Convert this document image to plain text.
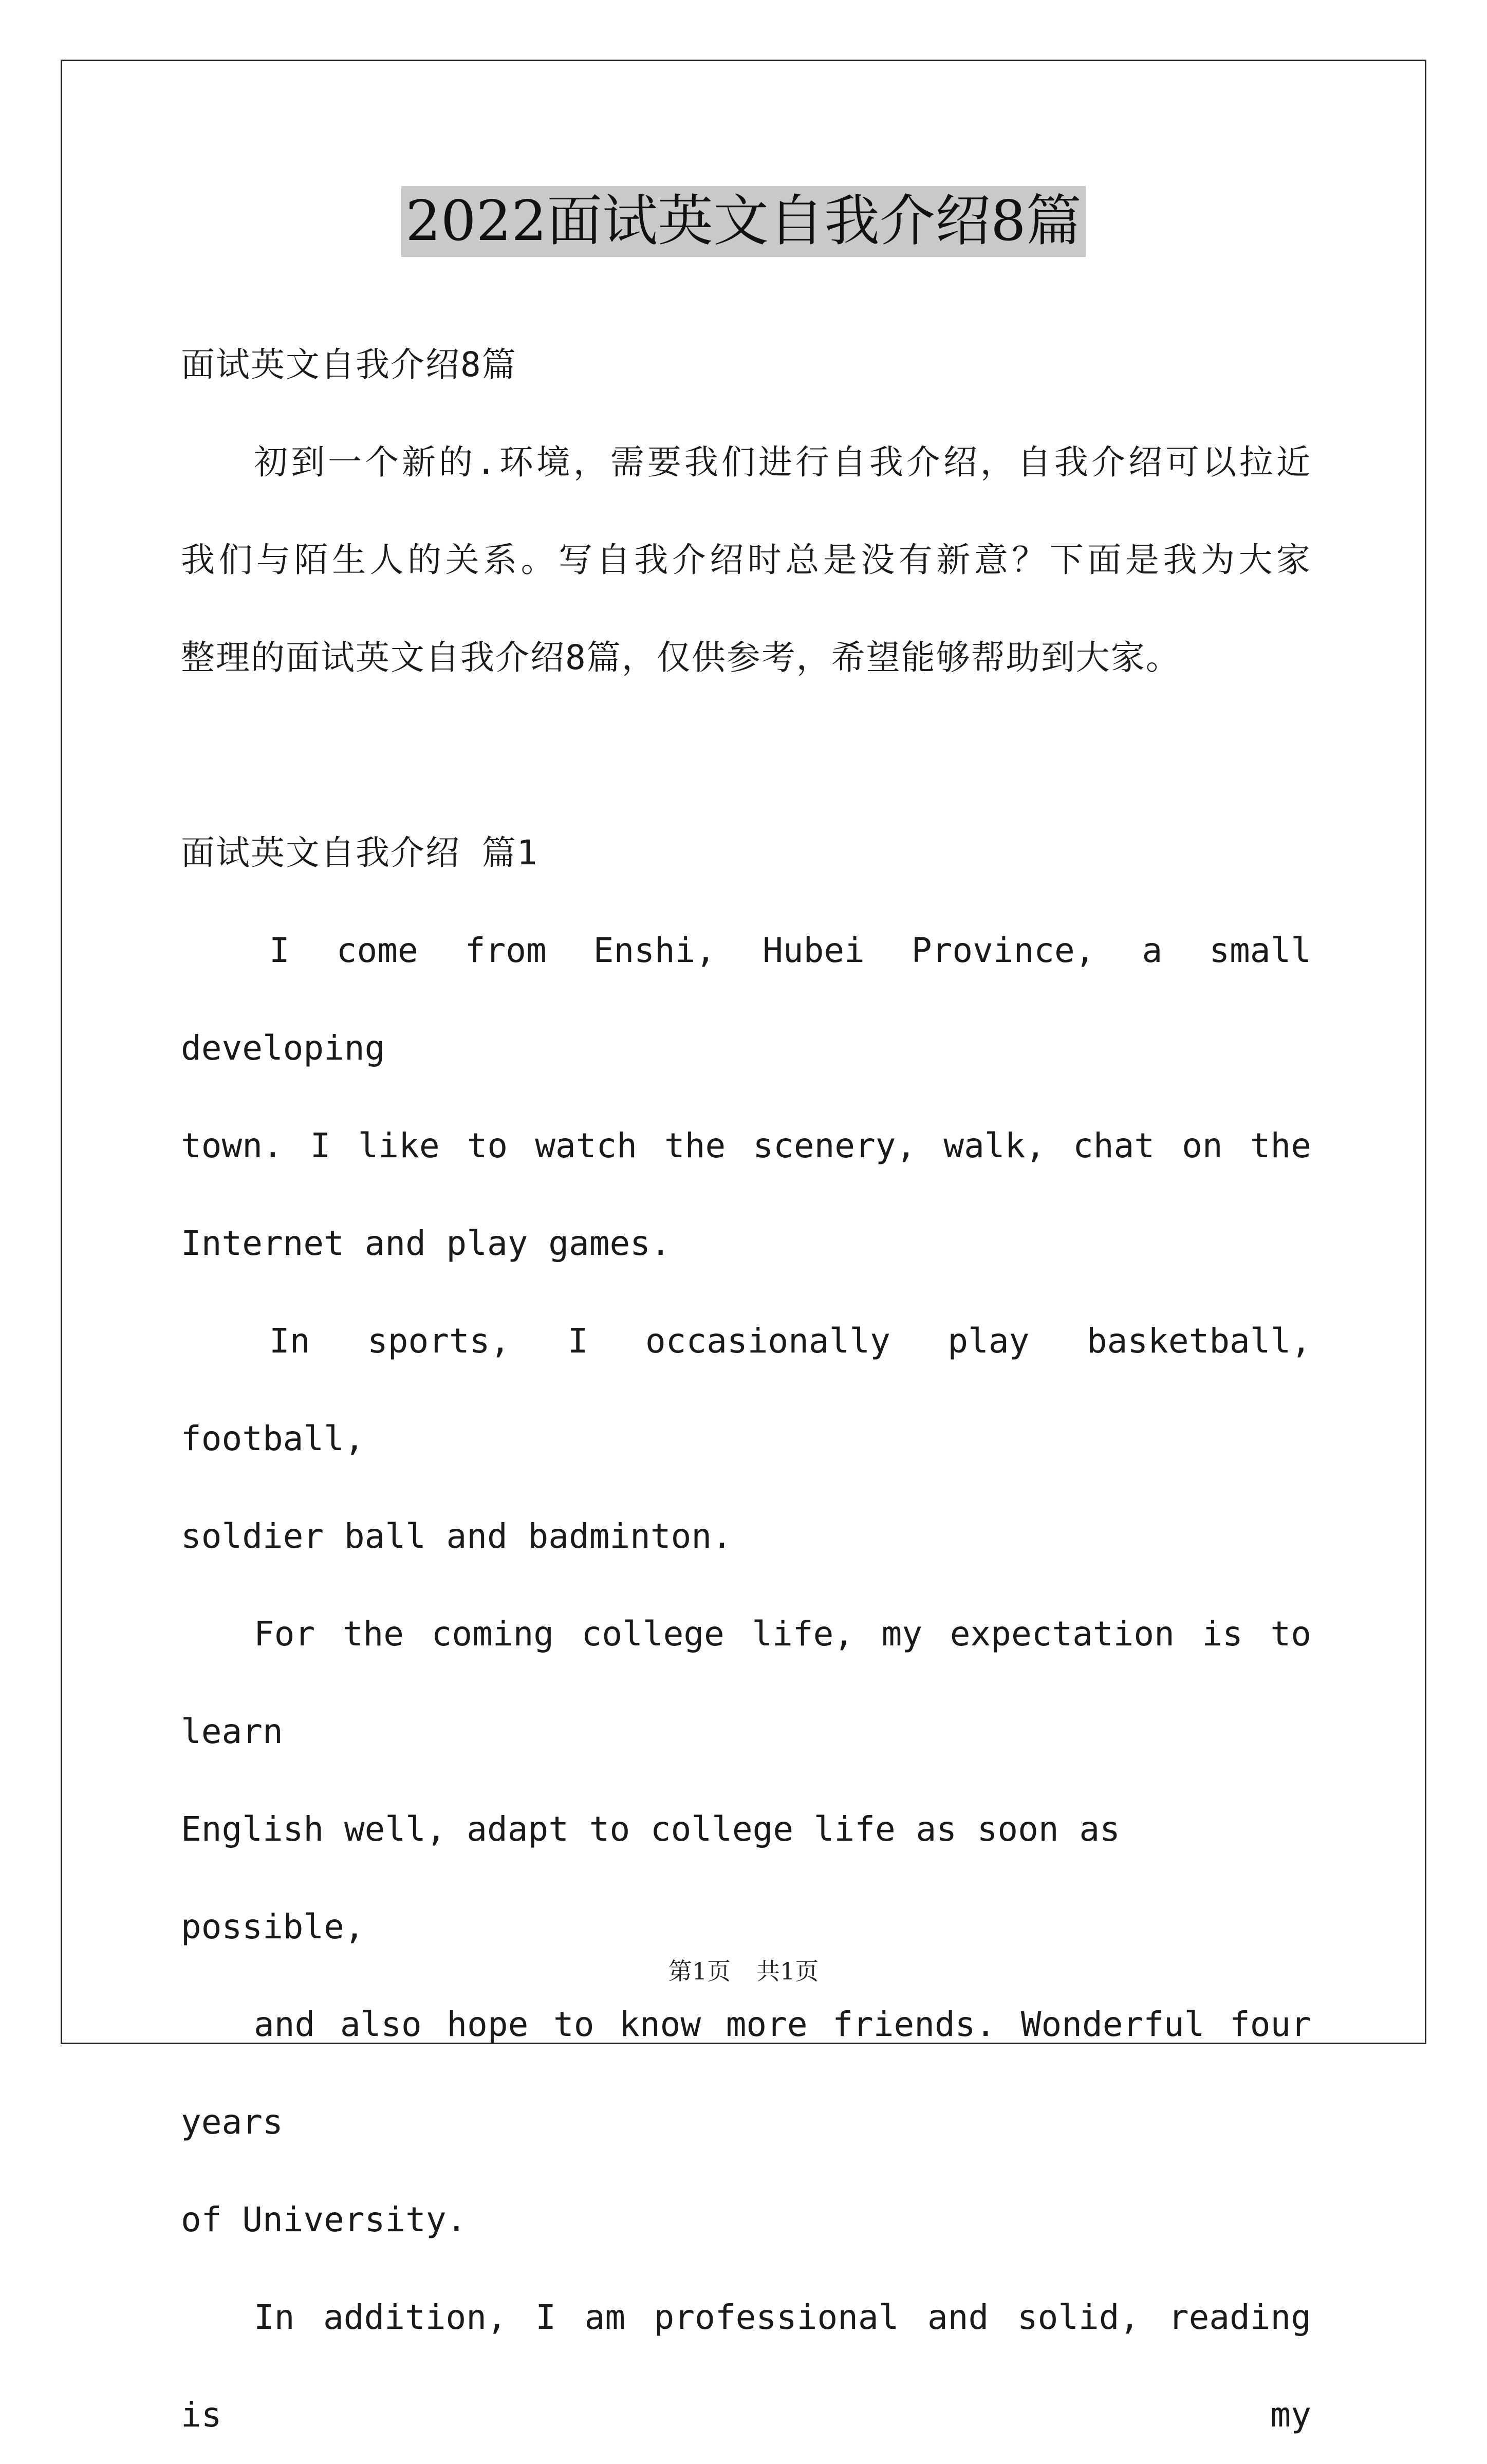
2022面试英文自我介绍8篇

面试英文自我介绍8篇

初到一个新的.环境，需要我们进行自我介绍，自我介绍可以拉近

我们与陌生人的关系。写自我介绍时总是没有新意？下面是我为大家

整理的面试英文自我介绍8篇，仅供参考，希望能够帮助到大家。

面试英文自我介绍 篇1

I come from Enshi, Hubei Province, a small developing

town. I like to watch the scenery, walk, chat on the

Internet and play games.

In sports, I occasionally play basketball, football,

soldier ball and badminton.

For the coming college life, my expectation is to learn

English well, adapt to college life as soon as possible,

and also hope to know more friends. Wonderful four years

of University.

In addition, I am professional and solid, reading is my

第1页 共1页
